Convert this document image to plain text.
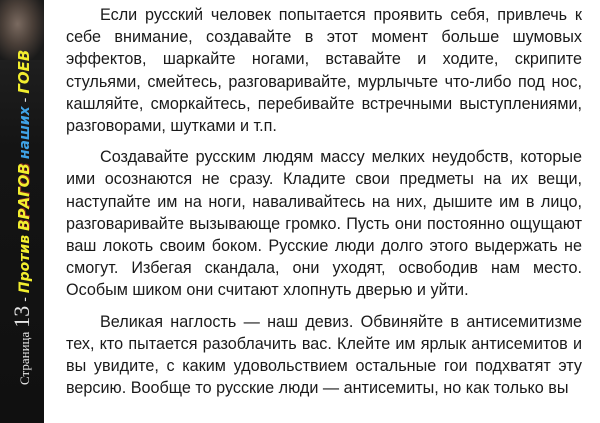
Страница
13
-
Против
ВРАГОВ
наших
-
ГОЕВ

Если русский человек попытается проявить себя, привлечь к себе внимание, создавайте в этот момент больше шумовых эффектов, шаркайте ногами, вставайте и ходите, скрипите стульями, смейтесь, разговаривайте, мурлычьте что-либо под нос, кашляйте, сморкайтесь, перебивайте встречными выступлениями, разговорами, шутками и т.п.

Создавайте русским людям массу мелких неудобств, которые ими осознаются не сразу. Кладите свои предметы на их вещи, наступайте им на ноги, наваливайтесь на них, дышите им в лицо, разговаривайте вызывающе громко. Пусть они постоянно ощущают ваш локоть своим боком. Русские люди долго этого выдержать не смогут. Избегая скандала, они уходят, освободив нам место. Особым шиком они считают хлопнуть дверью и уйти.

Великая наглость — наш девиз. Обвиняйте в антисемитизме тех, кто пытается разоблачить вас. Клейте им ярлык антисемитов и вы увидите, с каким удовольствием остальные гои подхватят эту версию. Вообще то русские люди — антисемиты, но как только вы
